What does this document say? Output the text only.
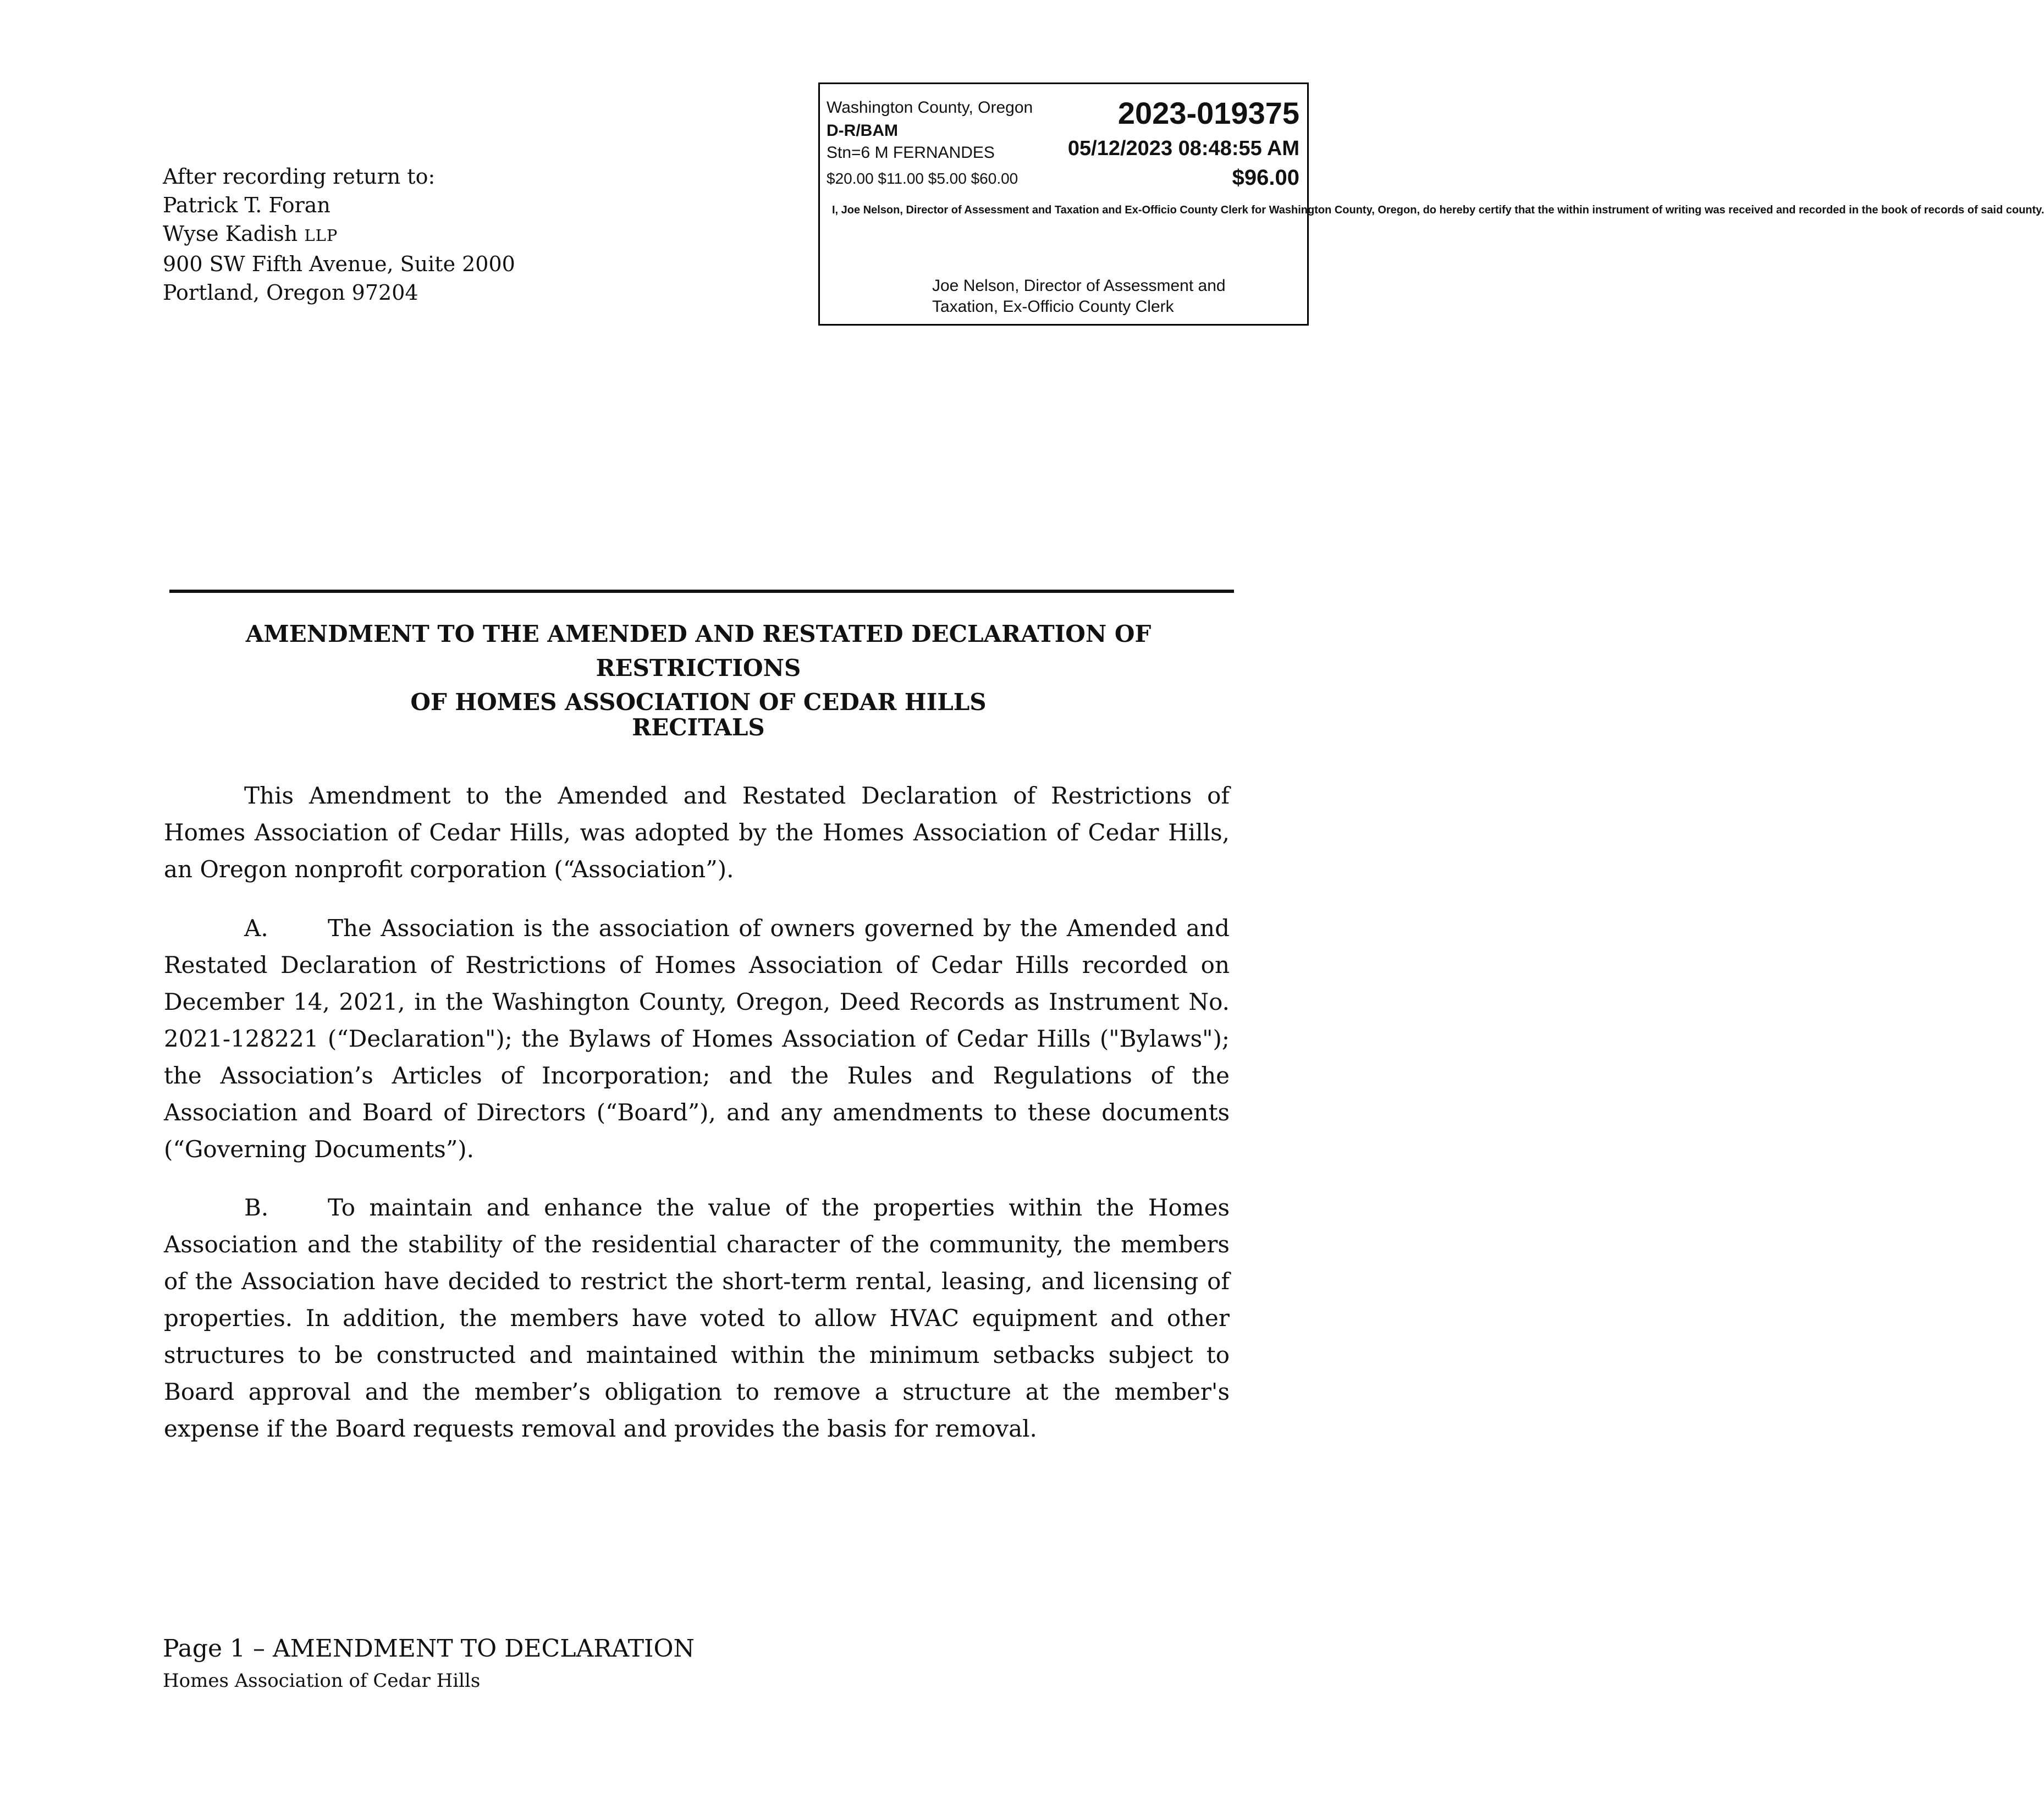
After recording return to:
Patrick T. Foran
Wyse Kadish LLP
900 SW Fifth Avenue, Suite 2000
Portland, Oregon 97204
Washington County, Oregon	2023-019375
D-R/BAM
Stn=6 M FERNANDES	05/12/2023 08:48:55 AM
$20.00 $11.00 $5.00 $60.00	$96.00
I, Joe Nelson, Director of Assessment and Taxation and Ex-Officio County Clerk for Washington County, Oregon, do hereby certify that the within instrument of writing was received and recorded in the book of records of said county.
Joe Nelson, Director of Assessment and
Taxation, Ex-Officio County Clerk
AMENDMENT TO THE AMENDED AND RESTATED DECLARATION OF RESTRICTIONS
OF HOMES ASSOCIATION OF CEDAR HILLS
RECITALS
This Amendment to the Amended and Restated Declaration of Restrictions of Homes Association of Cedar Hills, was adopted by the Homes Association of Cedar Hills, an Oregon nonprofit corporation (“Association”).
A.	The Association is the association of owners governed by the Amended and Restated Declaration of Restrictions of Homes Association of Cedar Hills recorded on December 14, 2021, in the Washington County, Oregon, Deed Records as Instrument No. 2021-128221 (“Declaration"); the Bylaws of Homes Association of Cedar Hills ("Bylaws"); the Association’s Articles of Incorporation; and the Rules and Regulations of the Association and Board of Directors (“Board”), and any amendments to these documents (“Governing Documents”).
B.	To maintain and enhance the value of the properties within the Homes Association and the stability of the residential character of the community, the members of the Association have decided to restrict the short-term rental, leasing, and licensing of properties. In addition, the members have voted to allow HVAC equipment and other structures to be constructed and maintained within the minimum setbacks subject to Board approval and the member’s obligation to remove a structure at the member's expense if the Board requests removal and provides the basis for removal.
Page 1 – AMENDMENT TO DECLARATION
Homes Association of Cedar Hills
